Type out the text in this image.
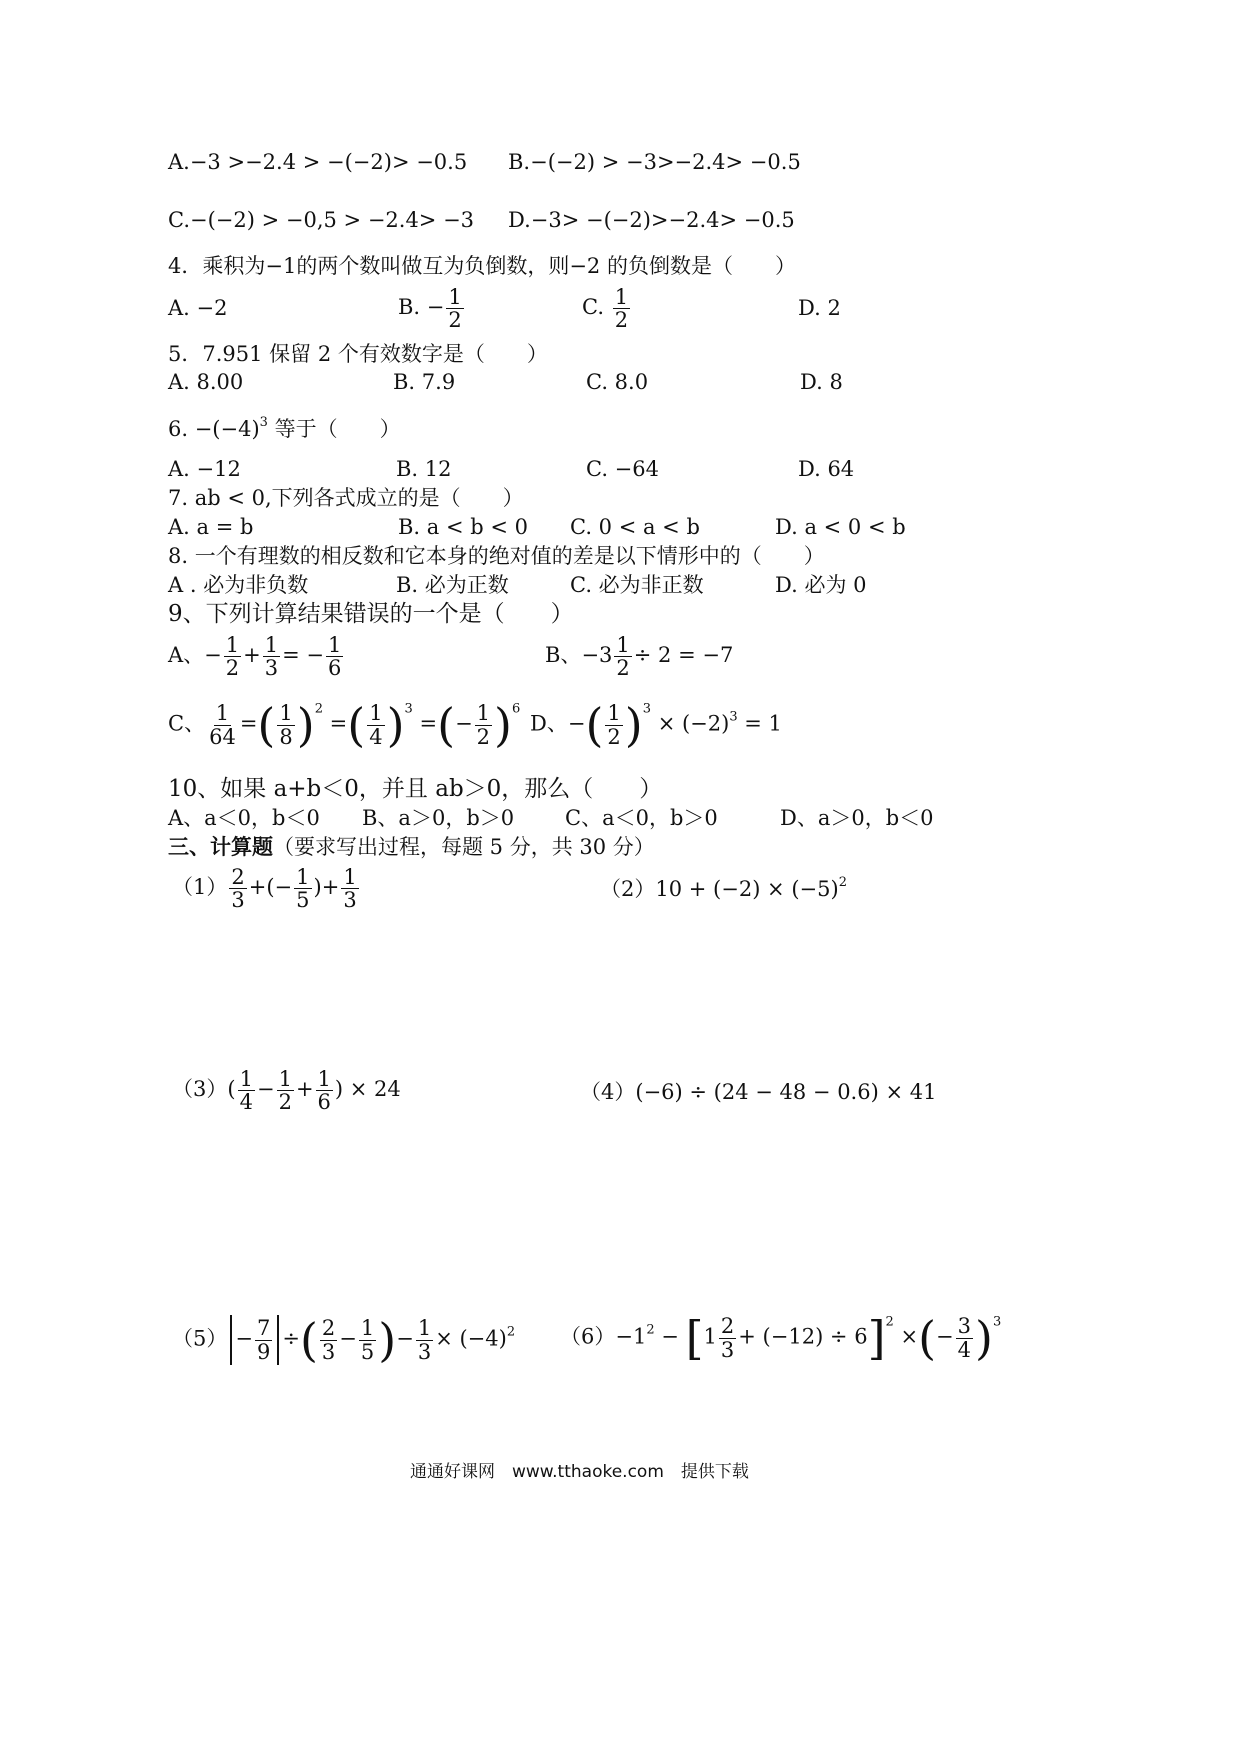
A.−3 >−2.4 > −(−2)> −0.5 B.−(−2) > −3>−2.4> −0.5
C.−(−2) > −0,5 > −2.4> −3 D.−3> −(−2)>−2.4> −0.5
4．乘积为−1的两个数叫做互为负倒数，则−2 的负倒数是（　　）
A. −2	B. − $\frac{1}{2}$	C. $\frac{1}{2}$	D. 2
5．7.951 保留 2 个有效数字是（　　）
A. 8.00	B. 7.9	C. 8.0	D. 8
6. $-(-4)^3$ 等于（　　）
A. −12	B. 12	C. −64	D. 64
7. ab < 0,下列各式成立的是（　　）
A. a = b	B. a < b < 0 C. 0 < a < b	D. a < 0 < b
8. 一个有理数的相反数和它本身的绝对值的差是以下情形中的（　　）
A . 必为非负数	B. 必为正数	C. 必为非正数	D. 必为 0
9、下列计算结果错误的一个是（　　）
A、− $\frac{1}{2} + \frac{1}{3}$ = − $\frac{1}{6}$	B、$-3 \frac{1}{2} \div 2 = -7$
C、 $\frac{1}{64}$ =( $\frac{1}{8} )^2$ =( $\frac{1}{4} )^3$ =(− $\frac{1}{2} )^6$
D、−( $\frac{1}{2} )^3 \times (-2)^3 = 1$
10、如果 a+b＜0，并且 ab＞0，那么（　　）
A、a＜0，b＜0 B、a＞0，b＞0 C、a＜0，b＞0	D、a＞0，b＜0
三、计算题（要求写出过程，每题 5 分，共 30 分）
$(1) \frac{2}{3}$ +(− $\frac{1}{5}$ )+ $\frac{1}{3}$	$(2)10 + (-2) \times (-5)^2$
$(3)( \frac{1}{4} - \frac{1}{2} + \frac{1}{6}$ ) × 24	（4）(−6) ÷ (24 − 48 − 0.6) × 41
$(5) - \frac{7}{9}$ ÷( $\frac{2}{3} - \frac{1}{5}$ )− $\frac{1}{3} \times (-4)^2$ $(6)-1^2 - [1 \frac{2}{3} + (-12) \div 6]^2$ ×(− $\frac{3}{4} )^3$
通通好课网　www.tthaoke.com　提供下载
